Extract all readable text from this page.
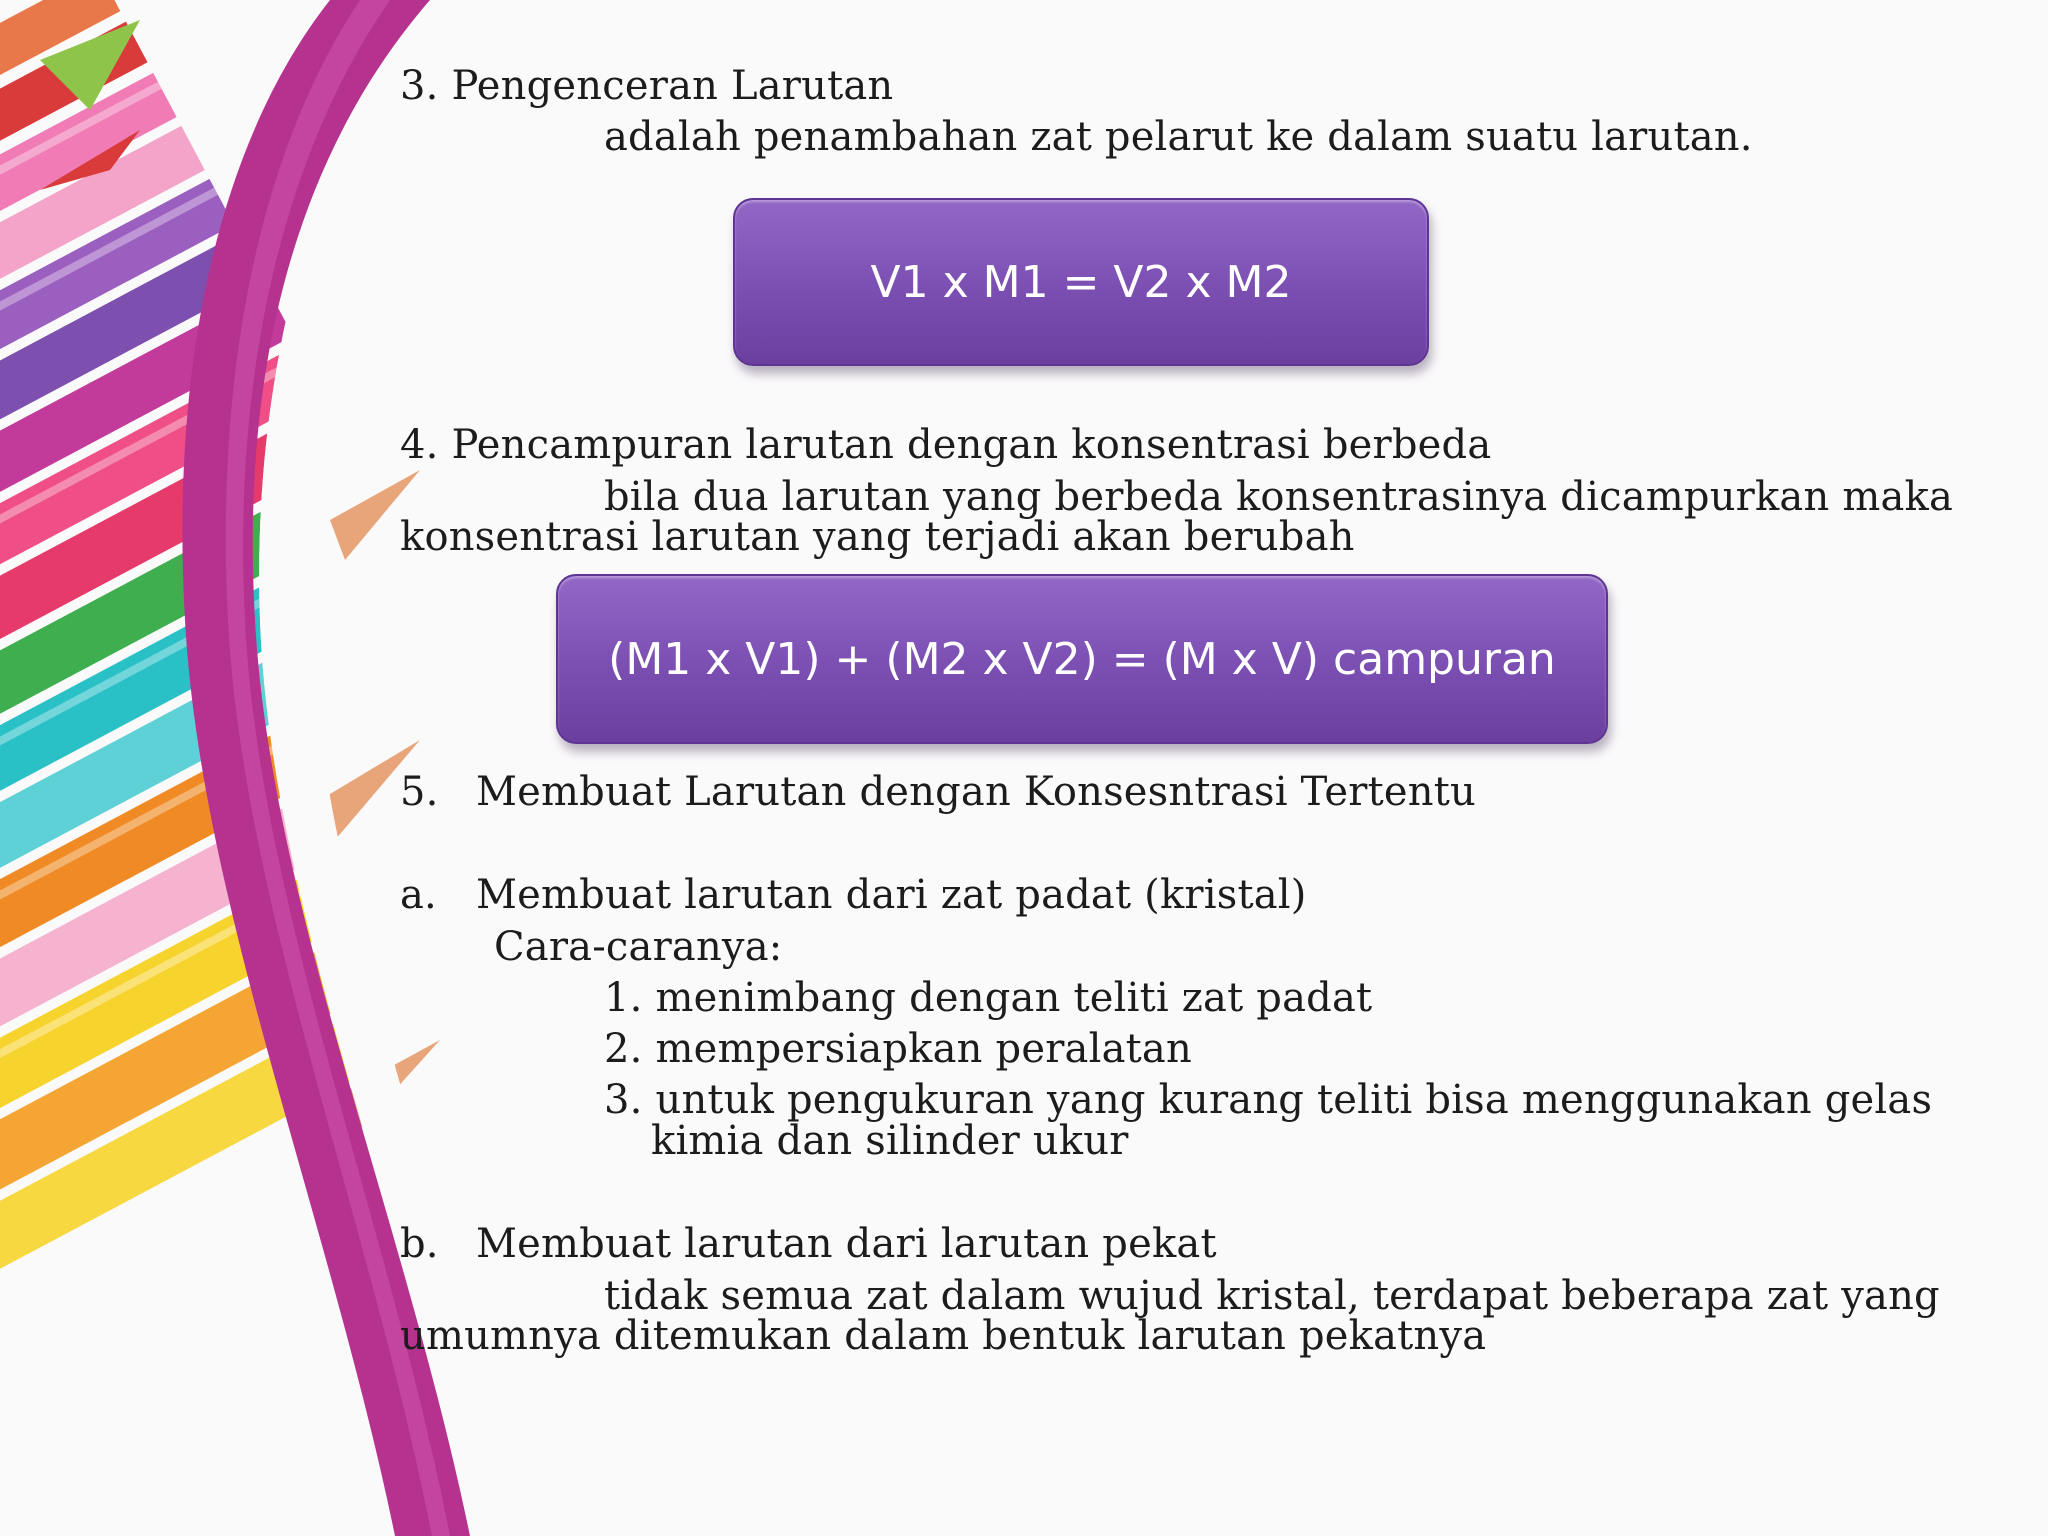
3. Pengenceran Larutan

adalah penambahan zat pelarut ke dalam suatu larutan.

V1 x M1 = V2 x M2

4. Pencampuran larutan dengan konsentrasi berbeda

bila dua larutan yang berbeda konsentrasinya dicampurkan maka

konsentrasi larutan yang terjadi akan berubah

(M1 x V1) + (M2 x V2) = (M x V) campuran

5. Membuat Larutan dengan Konsesntrasi Tertentu

a. Membuat larutan dari zat padat (kristal)

Cara-caranya:

1. menimbang dengan teliti zat padat

2. mempersiapkan peralatan

3. untuk pengukuran yang kurang teliti bisa menggunakan gelas

kimia dan silinder ukur

b. Membuat larutan dari larutan pekat

tidak semua zat dalam wujud kristal, terdapat beberapa zat yang

umumnya ditemukan dalam bentuk larutan pekatnya
